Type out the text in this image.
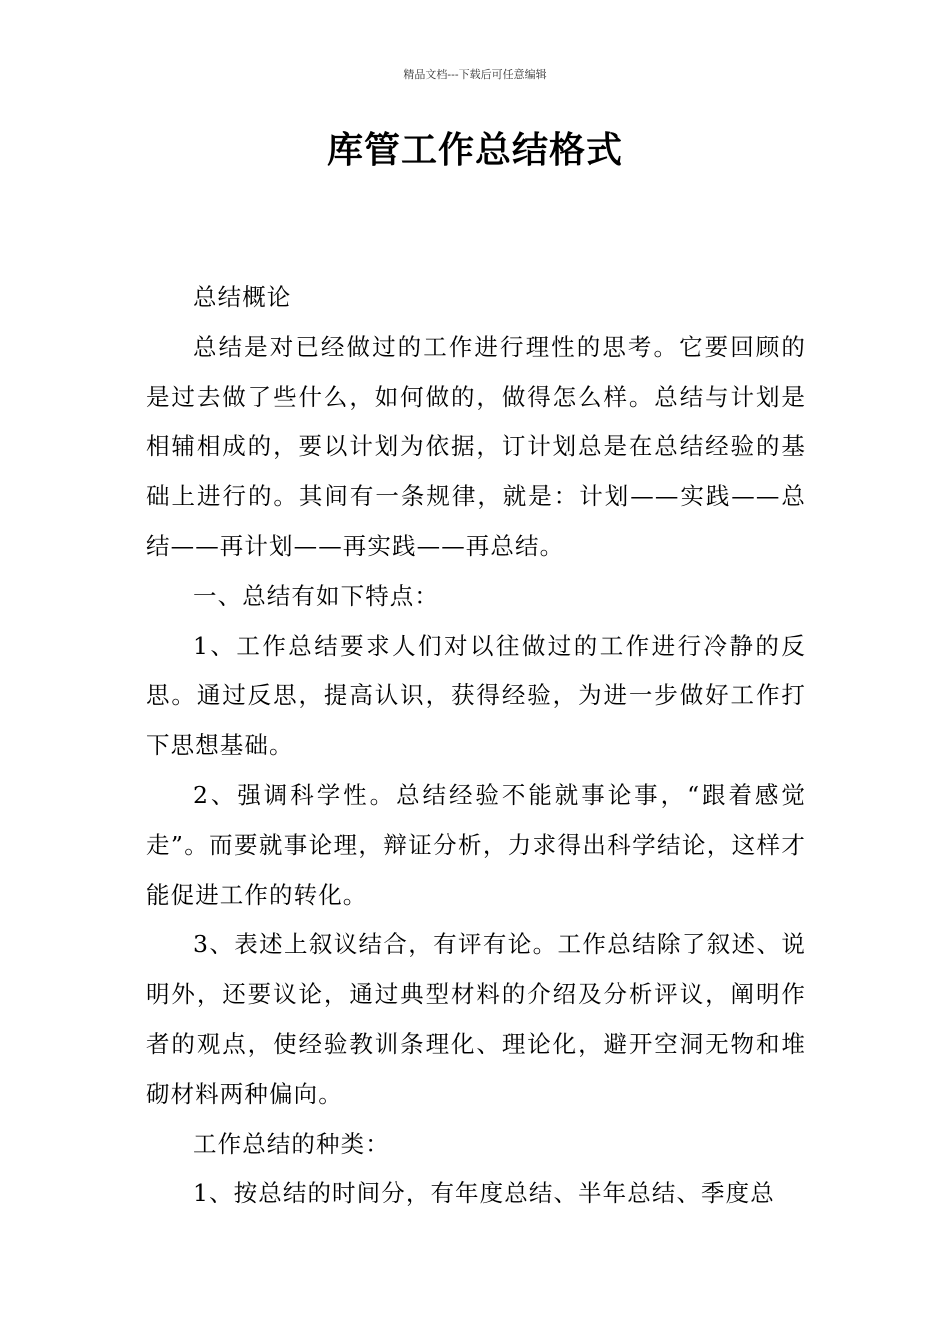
精品文档---下载后可任意编辑
库管工作总结格式

总结概论

总结是对已经做过的工作进行理性的思考。它要回顾的是过去做了些什么，如何做的，做得怎么样。总结与计划是相辅相成的，要以计划为依据，订计划总是在总结经验的基础上进行的。其间有一条规律，就是：计划——实践——总结——再计划——再实践——再总结。

一、总结有如下特点：

1、工作总结要求人们对以往做过的工作进行冷静的反思。通过反思，提高认识，获得经验，为进一步做好工作打下思想基础。

2、强调科学性。总结经验不能就事论事，“跟着感觉走”。而要就事论理，辩证分析，力求得出科学结论，这样才能促进工作的转化。

3、表述上叙议结合，有评有论。工作总结除了叙述、说明外，还要议论，通过典型材料的介绍及分析评议，阐明作者的观点，使经验教训条理化、理论化，避开空洞无物和堆砌材料两种偏向。

工作总结的种类：

1、按总结的时间分，有年度总结、半年总结、季度总
